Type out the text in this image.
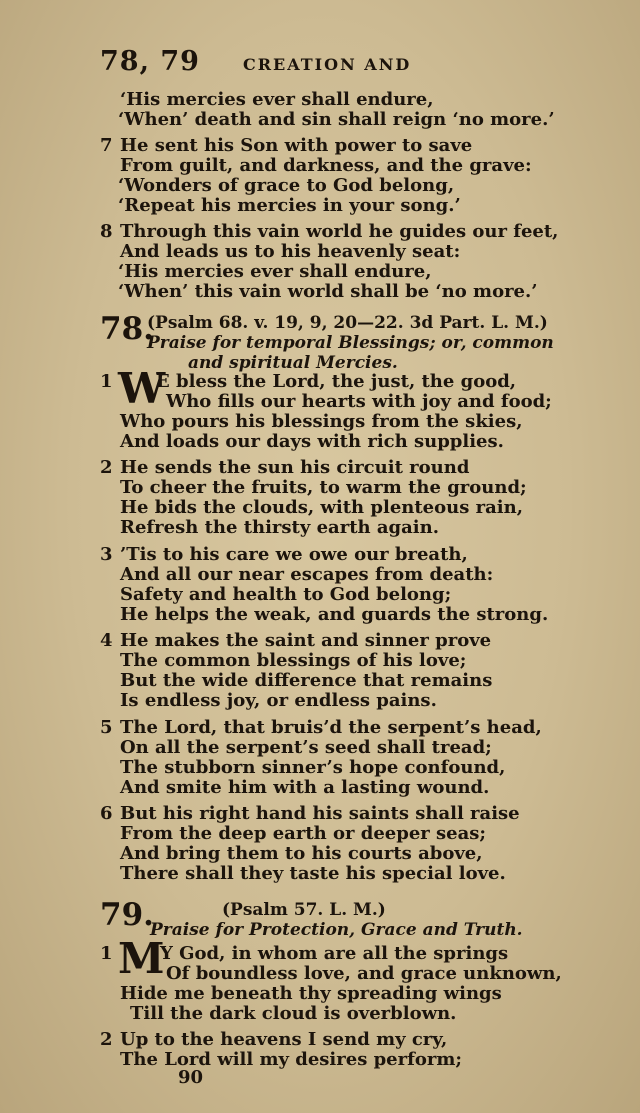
78, 79	CREATION AND
‘His mercies ever shall endure,
‘When’ death and sin shall reign ‘no more.’
7 He sent his Son with power to save
From guilt, and darkness, and the grave:
‘Wonders of grace to God belong,
‘Repeat his mercies in your song.’
8 Through this vain world he guides our feet,
And leads us to his heavenly seat:
‘His mercies ever shall endure,
‘When’ this vain world shall be ‘no more.’
78.
(Psalm 68. v. 19, 9, 20—22. 3d Part. L. M.)
Praise for temporal Blessings; or, common
and spiritual Mercies.
1 W
E bless the Lord, the just, the good,
Who fills our hearts with joy and food;
Who pours his blessings from the skies,
And loads our days with rich supplies.
2 He sends the sun his circuit round
To cheer the fruits, to warm the ground;
He bids the clouds, with plenteous rain,
Refresh the thirsty earth again.
3 ’Tis to his care we owe our breath,
And all our near escapes from death:
Safety and health to God belong;
He helps the weak, and guards the strong.
4 He makes the saint and sinner prove
The common blessings of his love;
But the wide difference that remains
Is endless joy, or endless pains.
5 The Lord, that bruis’d the serpent’s head,
On all the serpent’s seed shall tread;
The stubborn sinner’s hope confound,
And smite him with a lasting wound.
6 But his right hand his saints shall raise
From the deep earth or deeper seas;
And bring them to his courts above,
There shall they taste his special love.
79.	(Psalm 57. L. M.)
Praise for Protection, Grace and Truth.
1 M
Y God, in whom are all the springs
Of boundless love, and grace unknown,
Hide me beneath thy spreading wings
Till the dark cloud is overblown.
2 Up to the heavens I send my cry,
The Lord will my desires perform;
90
